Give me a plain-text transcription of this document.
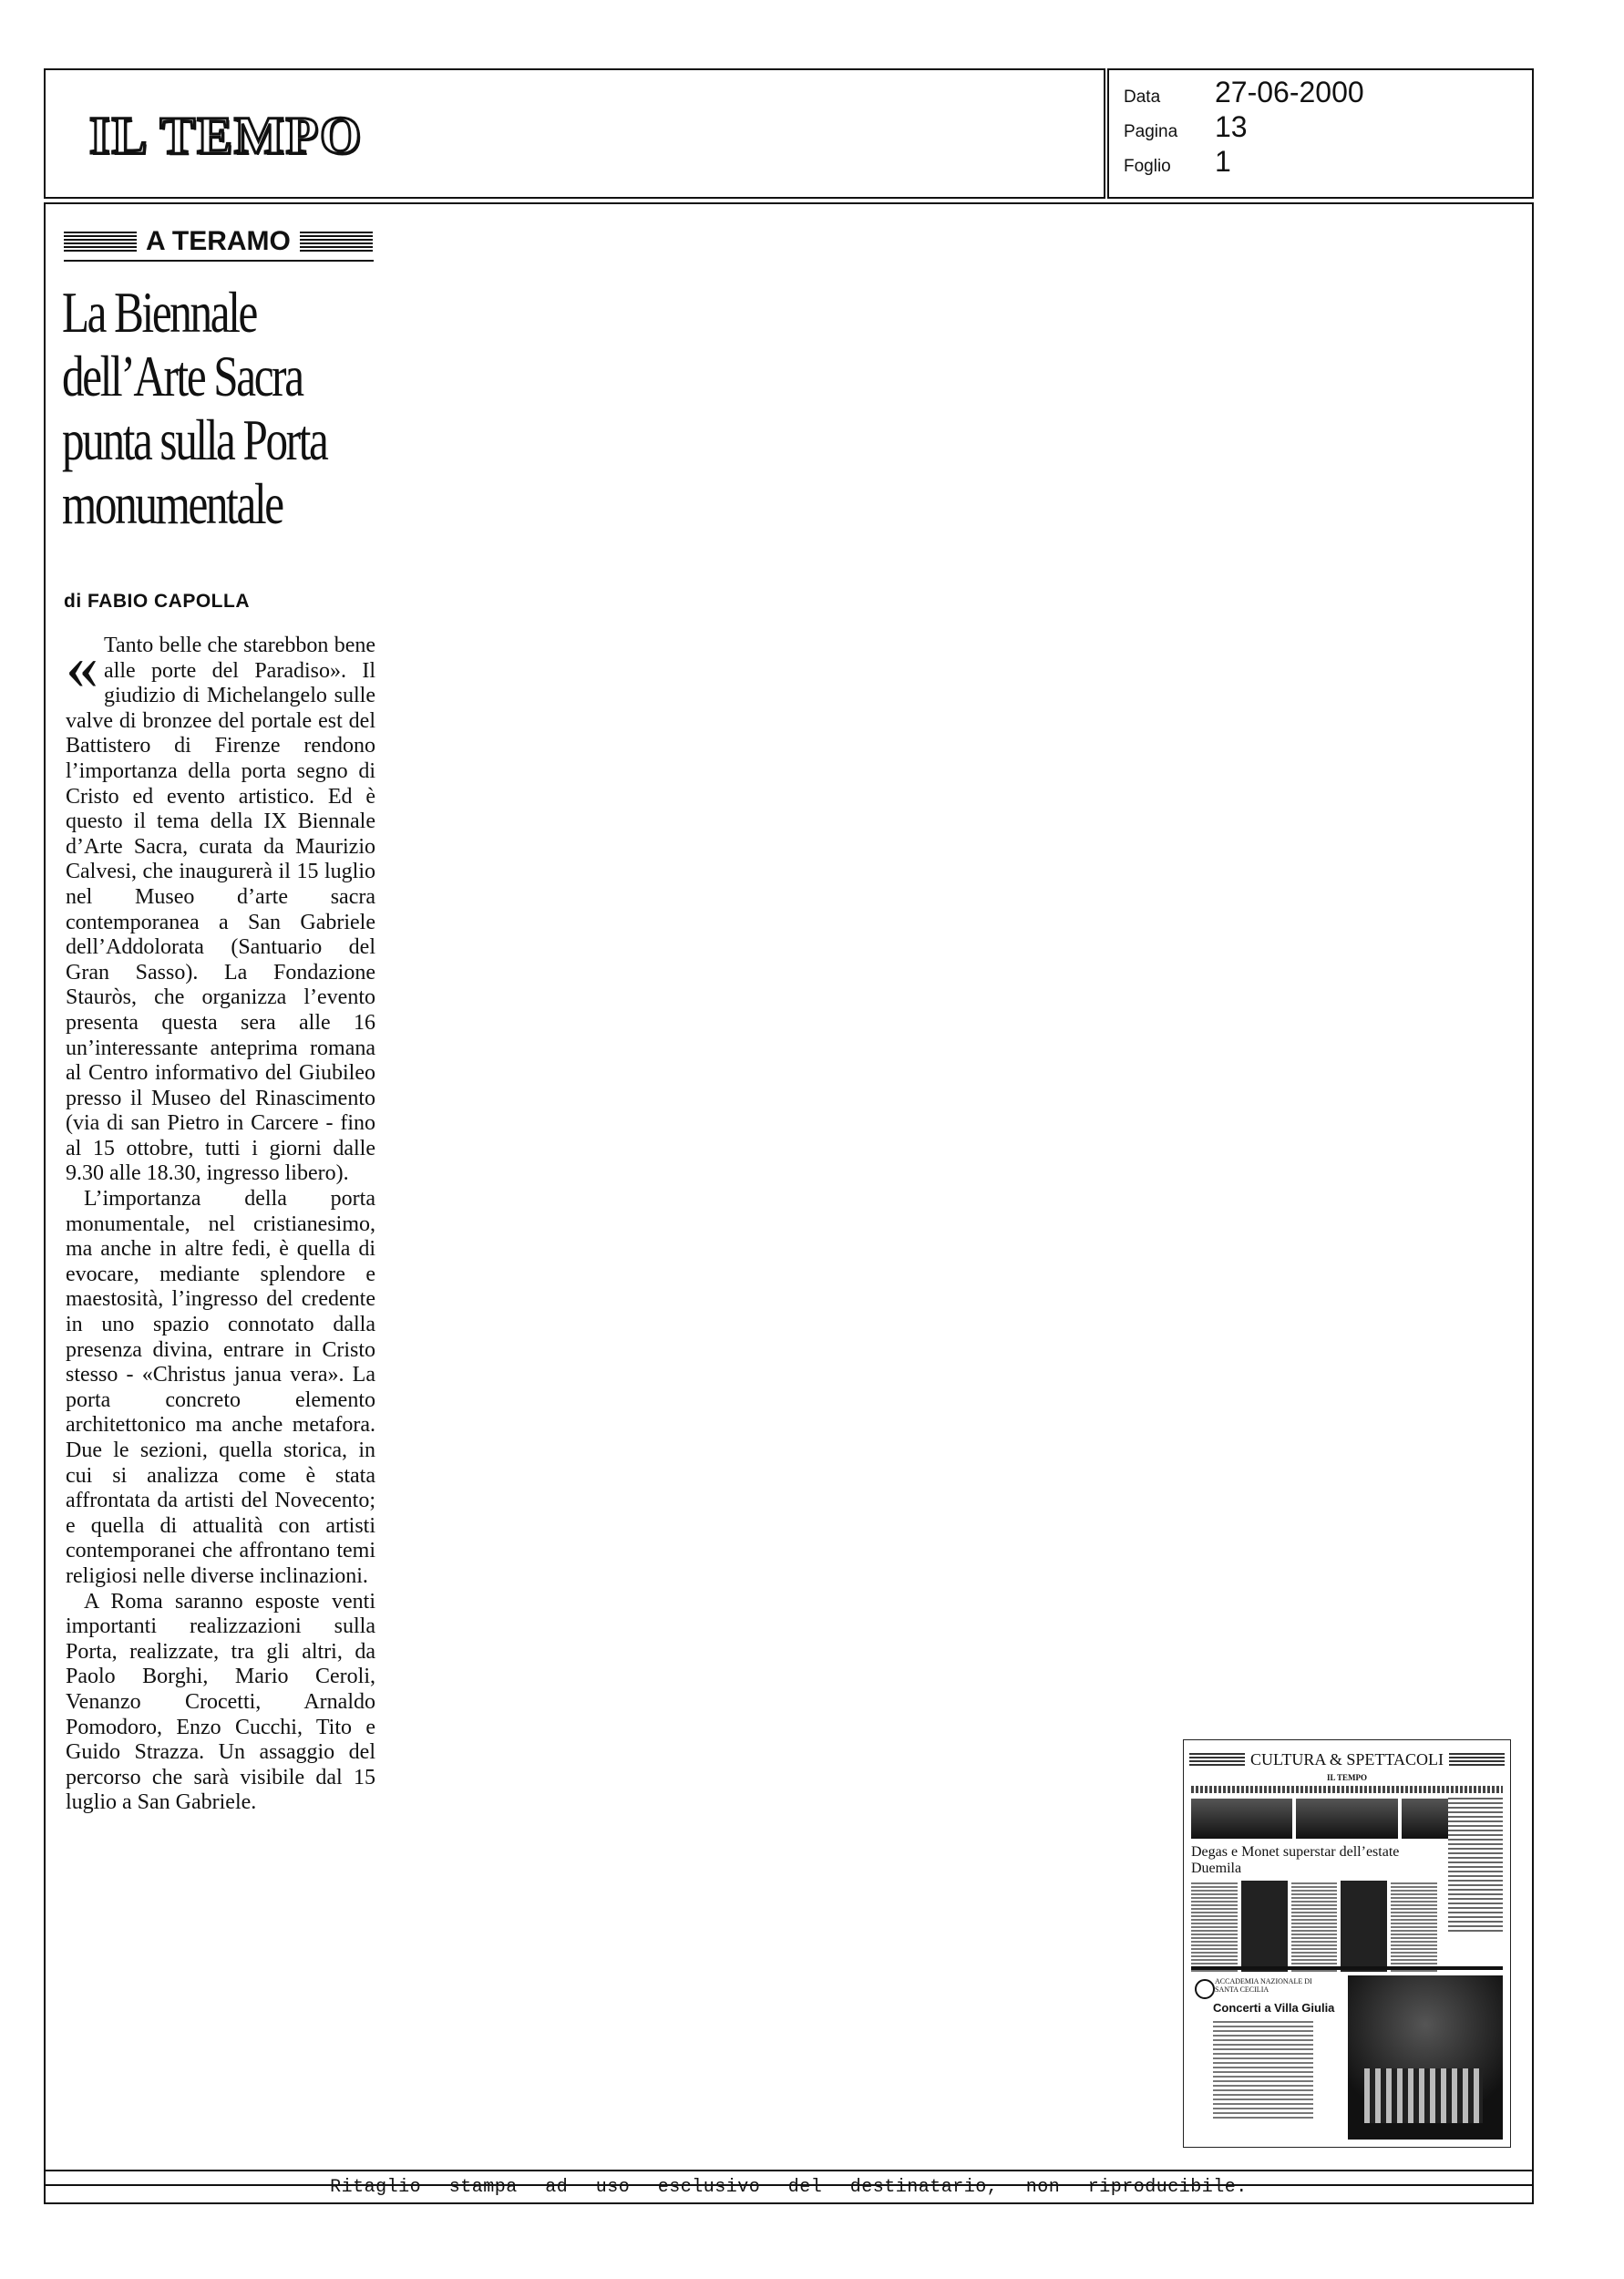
IL TEMPO
Data	27-06-2000
Pagina	13
Foglio	1
A TERAMO
La Biennale dell’Arte Sacra punta sulla Porta monumentale
di FABIO CAPOLLA

« Tanto belle che starebbon bene alle porte del Paradiso». Il giudizio di Michelangelo sulle valve di bronzee del portale est del Battistero di Firenze rendono l’importanza della porta segno di Cristo ed evento artistico. Ed è questo il tema della IX Biennale d’Arte Sacra, curata da Maurizio Calvesi, che inaugurerà il 15 luglio nel Museo d’arte sacra contemporanea a San Gabriele dell’Addolorata (Santuario del Gran Sasso). La Fondazione Stauròs, che organizza l’evento presenta questa sera alle 16 un’interessante anteprima romana al Centro informativo del Giubileo presso il Museo del Rinascimento (via di san Pietro in Carcere - fino al 15 ottobre, tutti i giorni dalle 9.30 alle 18.30, ingresso libero).

L’importanza della porta monumentale, nel cristianesimo, ma anche in altre fedi, è quella di evocare, mediante splendore e maestosità, l’ingresso del credente in uno spazio connotato dalla presenza divina, entrare in Cristo stesso - «Christus janua vera». La porta concreto elemento architettonico ma anche metafora. Due le sezioni, quella storica, in cui si analizza come è stata affrontata da artisti del Novecento; e quella di attualità con artisti contemporanei che affrontano temi religiosi nelle diverse inclinazioni.

A Roma saranno esposte venti importanti realizzazioni sulla Porta, realizzate, tra gli altri, da Paolo Borghi, Mario Ceroli, Venanzo Crocetti, Arnaldo Pomodoro, Enzo Cucchi, Tito e Guido Strazza. Un assaggio del percorso che sarà visibile dal 15 luglio a San Gabriele.

CULTURA & SPETTACOLI
IL TEMPO
Degas e Monet superstar dell’estate Duemila
ACCADEMIA NAZIONALE DI SANTA CECILIA
Concerti a Villa Giulia
Ritaglio stampa ad uso esclusivo del destinatario, non riproducibile.
